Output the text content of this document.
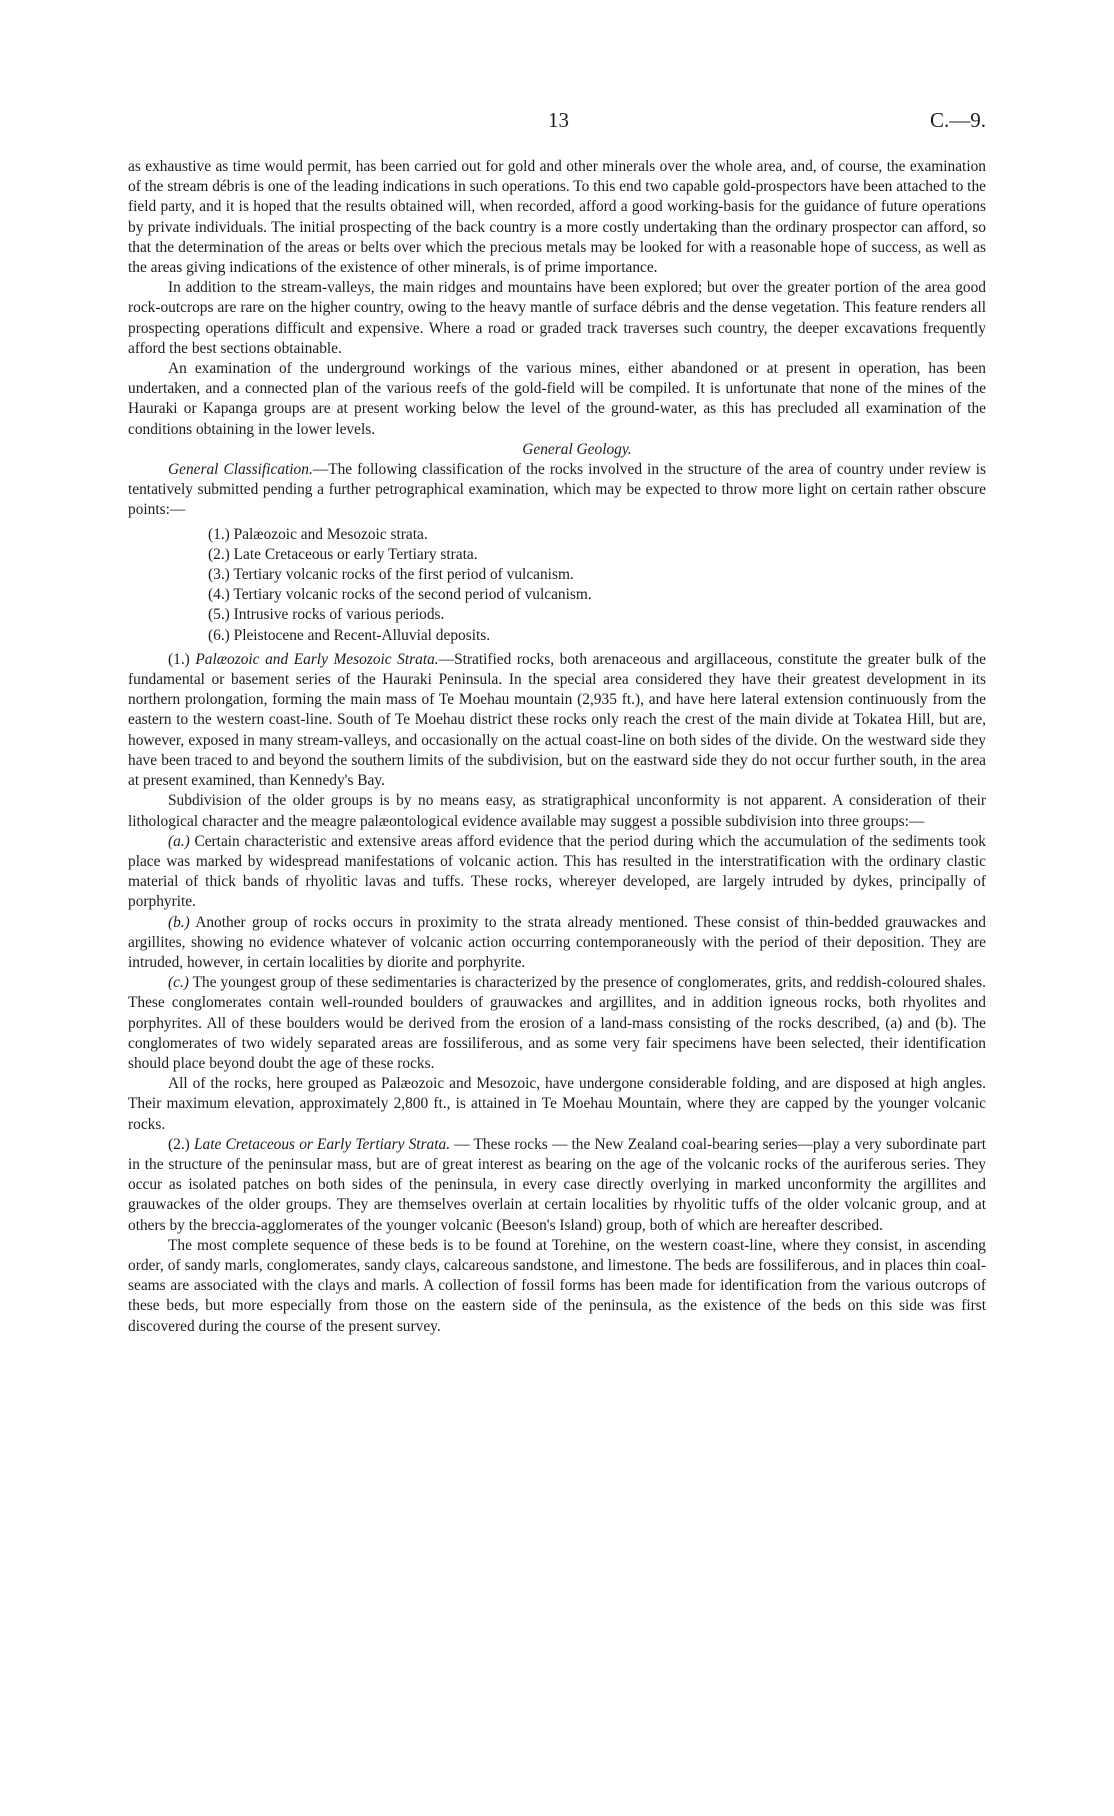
13	C.—9.

as exhaustive as time would permit, has been carried out for gold and other minerals over the whole area, and, of course, the examination of the stream débris is one of the leading indications in such operations. To this end two capable gold-prospectors have been attached to the field party, and it is hoped that the results obtained will, when recorded, afford a good working-basis for the guidance of future operations by private individuals. The initial prospecting of the back country is a more costly undertaking than the ordinary prospector can afford, so that the determination of the areas or belts over which the precious metals may be looked for with a reasonable hope of success, as well as the areas giving indications of the existence of other minerals, is of prime importance.

In addition to the stream-valleys, the main ridges and mountains have been explored; but over the greater portion of the area good rock-outcrops are rare on the higher country, owing to the heavy mantle of surface débris and the dense vegetation. This feature renders all prospecting operations difficult and expensive. Where a road or graded track traverses such country, the deeper excavations frequently afford the best sections obtainable.

An examination of the underground workings of the various mines, either abandoned or at present in operation, has been undertaken, and a connected plan of the various reefs of the gold-field will be compiled. It is unfortunate that none of the mines of the Hauraki or Kapanga groups are at present working below the level of the ground-water, as this has precluded all examination of the conditions obtaining in the lower levels.

General Geology.

General Classification.—The following classification of the rocks involved in the structure of the area of country under review is tentatively submitted pending a further petrographical examination, which may be expected to throw more light on certain rather obscure points:—

(1.) Palæozoic and Mesozoic strata.
(2.) Late Cretaceous or early Tertiary strata.
(3.) Tertiary volcanic rocks of the first period of vulcanism.
(4.) Tertiary volcanic rocks of the second period of vulcanism.
(5.) Intrusive rocks of various periods.
(6.) Pleistocene and Recent-Alluvial deposits.

(1.) Palæozoic and Early Mesozoic Strata.—Stratified rocks, both arenaceous and argillaceous, constitute the greater bulk of the fundamental or basement series of the Hauraki Peninsula. In the special area considered they have their greatest development in its northern prolongation, forming the main mass of Te Moehau mountain (2,935 ft.), and have here lateral extension continuously from the eastern to the western coast-line. South of Te Moehau district these rocks only reach the crest of the main divide at Tokatea Hill, but are, however, exposed in many stream-valleys, and occasionally on the actual coast-line on both sides of the divide. On the westward side they have been traced to and beyond the southern limits of the subdivision, but on the eastward side they do not occur further south, in the area at present examined, than Kennedy's Bay.

Subdivision of the older groups is by no means easy, as stratigraphical unconformity is not apparent. A consideration of their lithological character and the meagre palæontological evidence available may suggest a possible subdivision into three groups:—

(a.) Certain characteristic and extensive areas afford evidence that the period during which the accumulation of the sediments took place was marked by widespread manifestations of volcanic action. This has resulted in the interstratification with the ordinary clastic material of thick bands of rhyolitic lavas and tuffs. These rocks, whereyer developed, are largely intruded by dykes, principally of porphyrite.

(b.) Another group of rocks occurs in proximity to the strata already mentioned. These consist of thin-bedded grauwackes and argillites, showing no evidence whatever of volcanic action occurring contemporaneously with the period of their deposition. They are intruded, however, in certain localities by diorite and porphyrite.

(c.) The youngest group of these sedimentaries is characterized by the presence of conglomerates, grits, and reddish-coloured shales. These conglomerates contain well-rounded boulders of grauwackes and argillites, and in addition igneous rocks, both rhyolites and porphyrites. All of these boulders would be derived from the erosion of a land-mass consisting of the rocks described, (a) and (b). The conglomerates of two widely separated areas are fossiliferous, and as some very fair specimens have been selected, their identification should place beyond doubt the age of these rocks.

All of the rocks, here grouped as Palæozoic and Mesozoic, have undergone considerable folding, and are disposed at high angles. Their maximum elevation, approximately 2,800 ft., is attained in Te Moehau Mountain, where they are capped by the younger volcanic rocks.

(2.) Late Cretaceous or Early Tertiary Strata. — These rocks — the New Zealand coal-bearing series—play a very subordinate part in the structure of the peninsular mass, but are of great interest as bearing on the age of the volcanic rocks of the auriferous series. They occur as isolated patches on both sides of the peninsula, in every case directly overlying in marked unconformity the argillites and grauwackes of the older groups. They are themselves overlain at certain localities by rhyolitic tuffs of the older volcanic group, and at others by the breccia-agglomerates of the younger volcanic (Beeson's Island) group, both of which are hereafter described.

The most complete sequence of these beds is to be found at Torehine, on the western coast-line, where they consist, in ascending order, of sandy marls, conglomerates, sandy clays, calcareous sandstone, and limestone. The beds are fossiliferous, and in places thin coal-seams are associated with the clays and marls. A collection of fossil forms has been made for identification from the various outcrops of these beds, but more especially from those on the eastern side of the peninsula, as the existence of the beds on this side was first discovered during the course of the present survey.
